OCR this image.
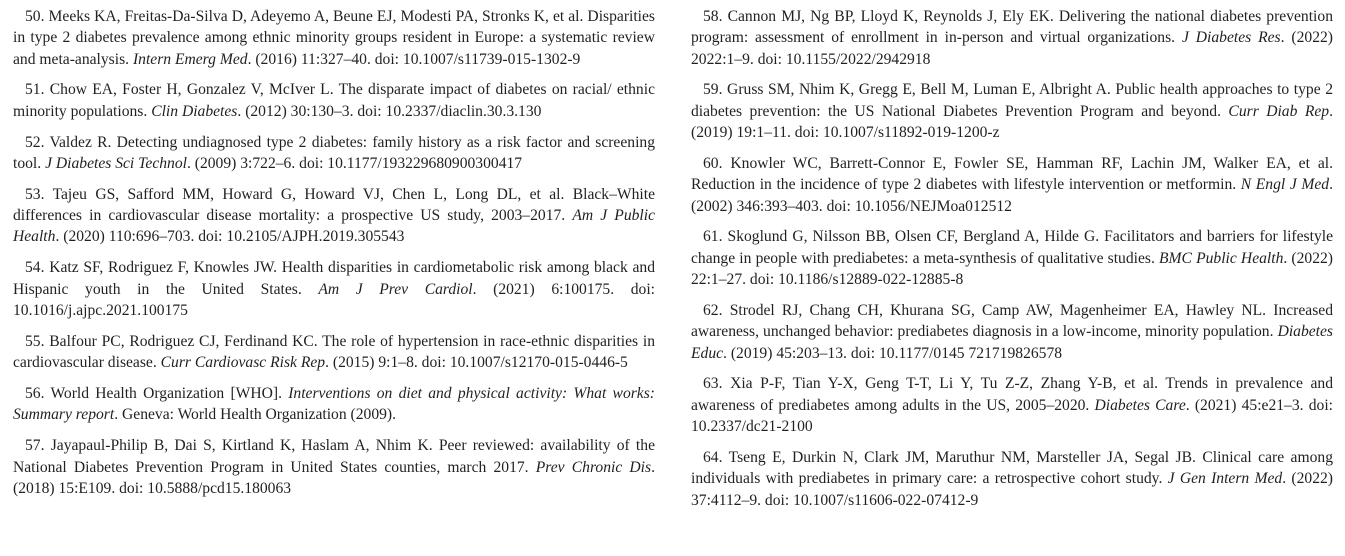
50. Meeks KA, Freitas-Da-Silva D, Adeyemo A, Beune EJ, Modesti PA, Stronks K, et al. Disparities in type 2 diabetes prevalence among ethnic minority groups resident in Europe: a systematic review and meta-analysis. Intern Emerg Med. (2016) 11:327–40. doi: 10.1007/s11739-015-1302-9

51. Chow EA, Foster H, Gonzalez V, McIver L. The disparate impact of diabetes on racial/ ethnic minority populations. Clin Diabetes. (2012) 30:130–3. doi: 10.2337/diaclin.30.3.130

52. Valdez R. Detecting undiagnosed type 2 diabetes: family history as a risk factor and screening tool. J Diabetes Sci Technol. (2009) 3:722–6. doi: 10.1177/193229680900300417

53. Tajeu GS, Safford MM, Howard G, Howard VJ, Chen L, Long DL, et al. Black–White differences in cardiovascular disease mortality: a prospective US study, 2003–2017. Am J Public Health. (2020) 110:696–703. doi: 10.2105/AJPH.2019.305543

54. Katz SF, Rodriguez F, Knowles JW. Health disparities in cardiometabolic risk among black and Hispanic youth in the United States. Am J Prev Cardiol. (2021) 6:100175. doi: 10.1016/j.ajpc.2021.100175

55. Balfour PC, Rodriguez CJ, Ferdinand KC. The role of hypertension in race-ethnic disparities in cardiovascular disease. Curr Cardiovasc Risk Rep. (2015) 9:1–8. doi: 10.1007/s12170-015-0446-5

56. World Health Organization [WHO]. Interventions on diet and physical activity: What works: Summary report. Geneva: World Health Organization (2009).

57. Jayapaul-Philip B, Dai S, Kirtland K, Haslam A, Nhim K. Peer reviewed: availability of the National Diabetes Prevention Program in United States counties, march 2017. Prev Chronic Dis. (2018) 15:E109. doi: 10.5888/pcd15.180063

58. Cannon MJ, Ng BP, Lloyd K, Reynolds J, Ely EK. Delivering the national diabetes prevention program: assessment of enrollment in in-person and virtual organizations. J Diabetes Res. (2022) 2022:1–9. doi: 10.1155/2022/2942918

59. Gruss SM, Nhim K, Gregg E, Bell M, Luman E, Albright A. Public health approaches to type 2 diabetes prevention: the US National Diabetes Prevention Program and beyond. Curr Diab Rep. (2019) 19:1–11. doi: 10.1007/s11892-019-1200-z

60. Knowler WC, Barrett-Connor E, Fowler SE, Hamman RF, Lachin JM, Walker EA, et al. Reduction in the incidence of type 2 diabetes with lifestyle intervention or metformin. N Engl J Med. (2002) 346:393–403. doi: 10.1056/NEJMoa012512

61. Skoglund G, Nilsson BB, Olsen CF, Bergland A, Hilde G. Facilitators and barriers for lifestyle change in people with prediabetes: a meta-synthesis of qualitative studies. BMC Public Health. (2022) 22:1–27. doi: 10.1186/s12889-022-12885-8

62. Strodel RJ, Chang CH, Khurana SG, Camp AW, Magenheimer EA, Hawley NL. Increased awareness, unchanged behavior: prediabetes diagnosis in a low-income, minority population. Diabetes Educ. (2019) 45:203–13. doi: 10.1177/0145 721719826578

63. Xia P-F, Tian Y-X, Geng T-T, Li Y, Tu Z-Z, Zhang Y-B, et al. Trends in prevalence and awareness of prediabetes among adults in the US, 2005–2020. Diabetes Care. (2021) 45:e21–3. doi: 10.2337/dc21-2100

64. Tseng E, Durkin N, Clark JM, Maruthur NM, Marsteller JA, Segal JB. Clinical care among individuals with prediabetes in primary care: a retrospective cohort study. J Gen Intern Med. (2022) 37:4112–9. doi: 10.1007/s11606-022-07412-9
